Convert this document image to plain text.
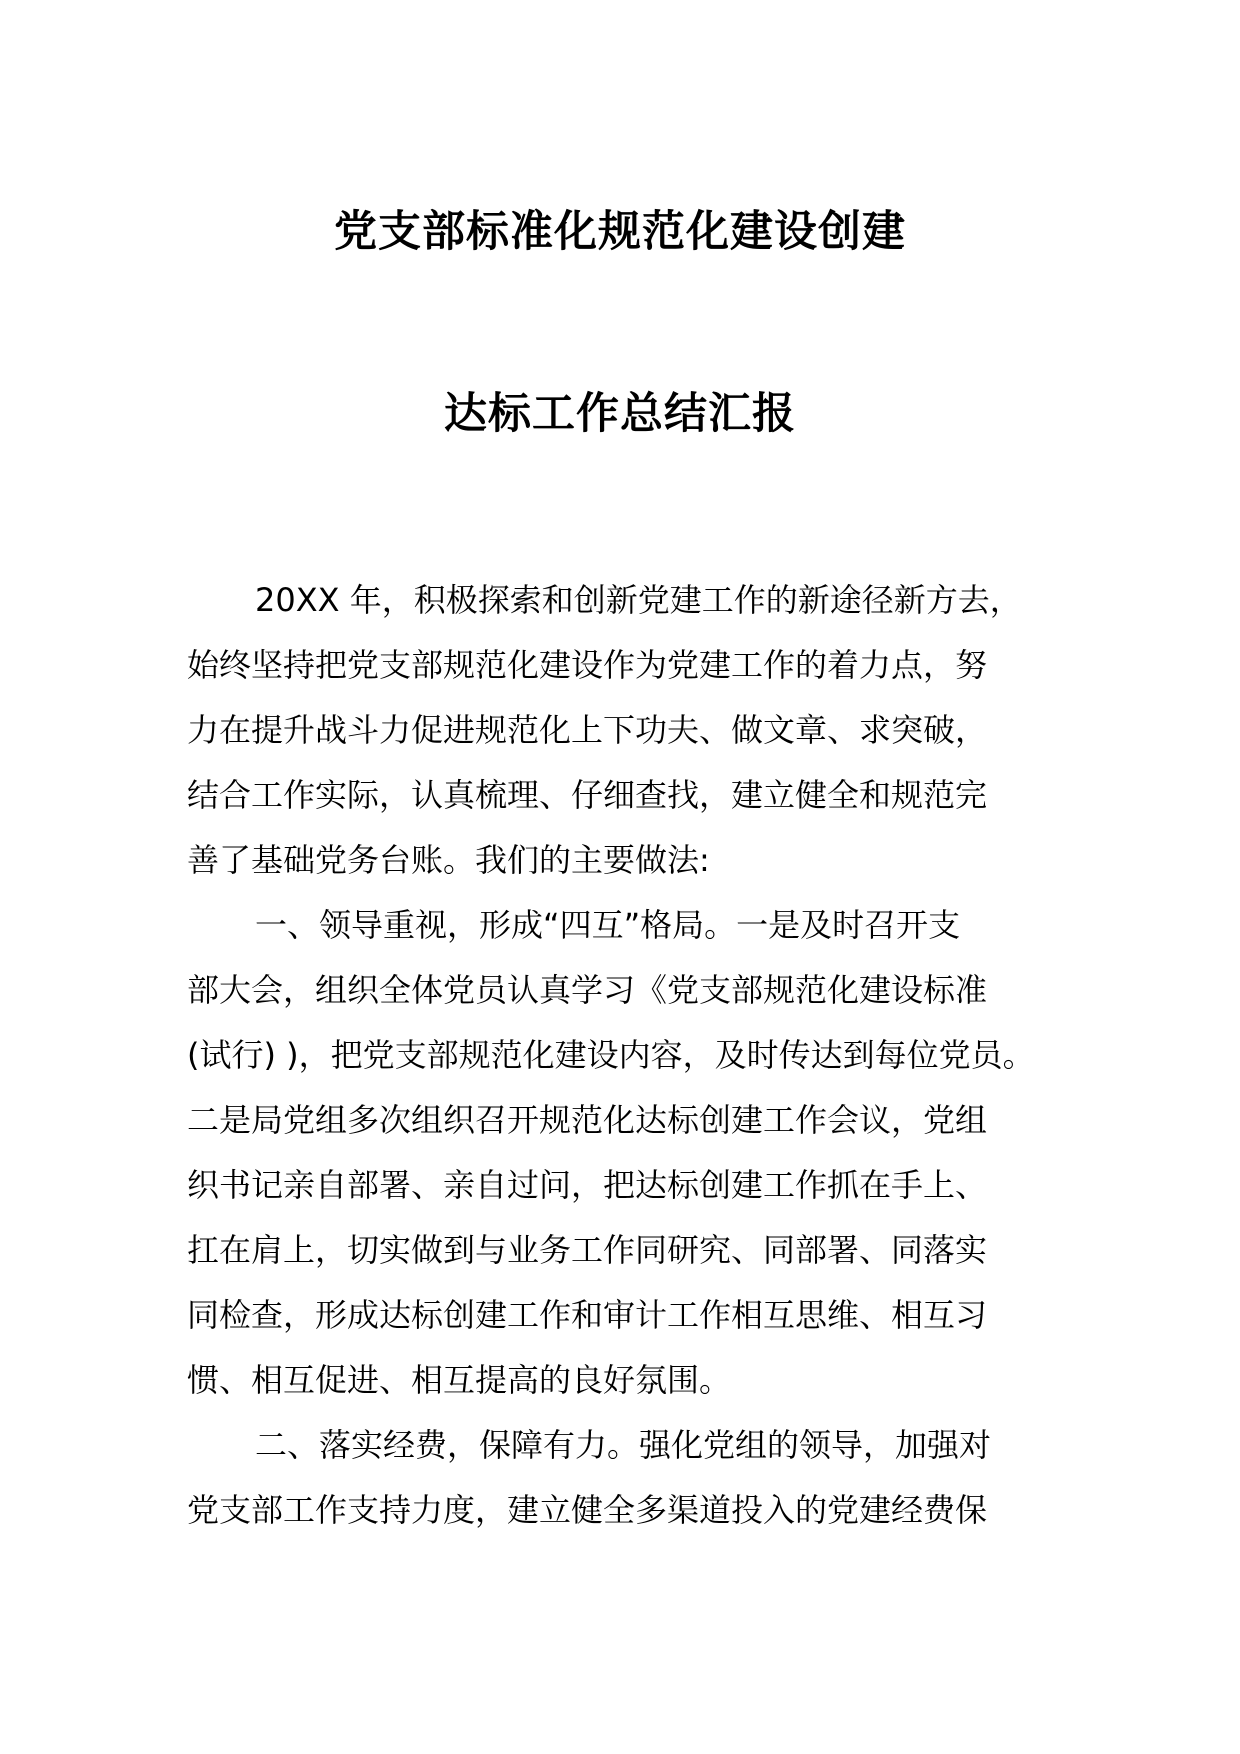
党支部标准化规范化建设创建
达标工作总结汇报
20XX 年，积极探索和创新党建工作的新途径新方去，
始终坚持把党支部规范化建设作为党建工作的着力点，努
力在提升战斗力促进规范化上下功夫、做文章、求突破，
结合工作实际，认真梳理、仔细查找，建立健全和规范完
善了基础党务台账。我们的主要做法:
一、领导重视，形成“四互”格局。一是及时召开支
部大会，组织全体党员认真学习《党支部规范化建设标准
(试行) )，把党支部规范化建设内容，及时传达到每位党员。
二是局党组多次组织召开规范化达标创建工作会议，党组
织书记亲自部署、亲自过问，把达标创建工作抓在手上、
扛在肩上，切实做到与业务工作同研究、同部署、同落实
同检查，形成达标创建工作和审计工作相互思维、相互习
惯、相互促进、相互提高的良好氛围。
二、落实经费，保障有力。强化党组的领导，加强对
党支部工作支持力度，建立健全多渠道投入的党建经费保
